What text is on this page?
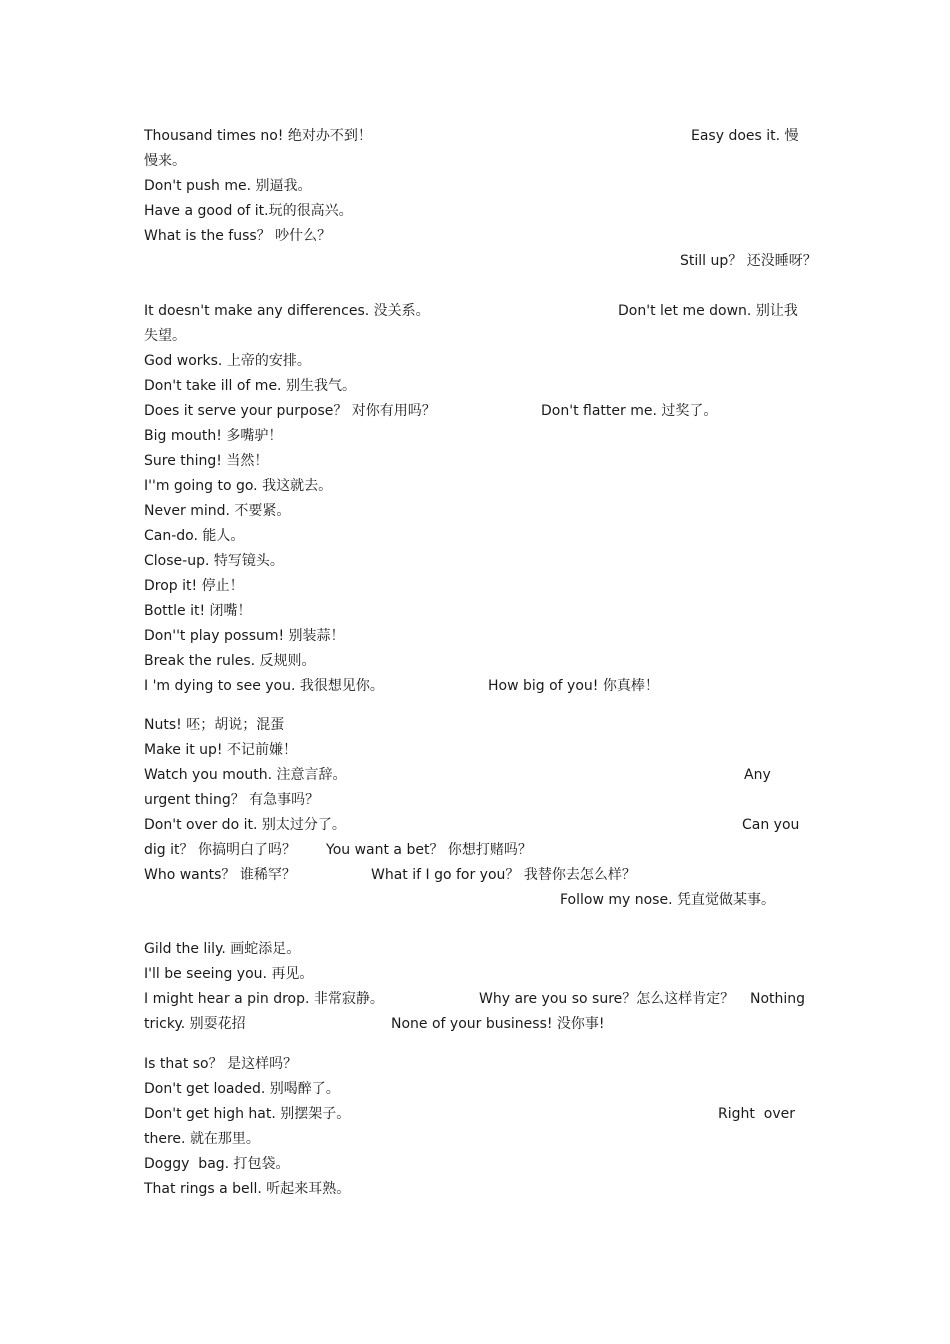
Thousand times no! 绝对办不到！	Easy does it. 慢
慢来。
Don't push me. 别逼我。
Have a good of it.玩的很高兴。
What is the fuss？ 吵什么？
Still up？ 还没睡呀？
It doesn't make any differences. 没关系。	Don't let me down. 别让我
失望。
God works. 上帝的安排。
Don't take ill of me. 别生我气。
Does it serve your purpose？ 对你有用吗？	Don't flatter me. 过奖了。
Big mouth! 多嘴驴！
Sure thing! 当然！
I''m going to go. 我这就去。
Never mind. 不要紧。
Can-do. 能人。
Close-up. 特写镜头。
Drop it! 停止！
Bottle it! 闭嘴！
Don''t play possum! 别装蒜！
Break the rules. 反规则。
I 'm dying to see you. 我很想见你。	How big of you! 你真棒！
Nuts! 呸；胡说；混蛋
Make it up! 不记前嫌！
Watch you mouth. 注意言辞。	Any
urgent thing？ 有急事吗？
Don't over do it. 别太过分了。	Can you
dig it？ 你搞明白了吗？ You want a bet？ 你想打赌吗？
Who wants？ 谁稀罕？	What if I go for you？ 我替你去怎么样？
Follow my nose. 凭直觉做某事。
Gild the lily. 画蛇添足。
I'll be seeing you. 再见。
I might hear a pin drop. 非常寂静。	Why are you so sure？怎么这样肯定？ Nothing
tricky. 别耍花招	None of your business! 没你事!
Is that so？ 是这样吗？
Don't get loaded. 别喝醉了。
Don't get high hat. 别摆架子。	Right  over
there. 就在那里。
Doggy  bag. 打包袋。
That rings a bell. 听起来耳熟。
